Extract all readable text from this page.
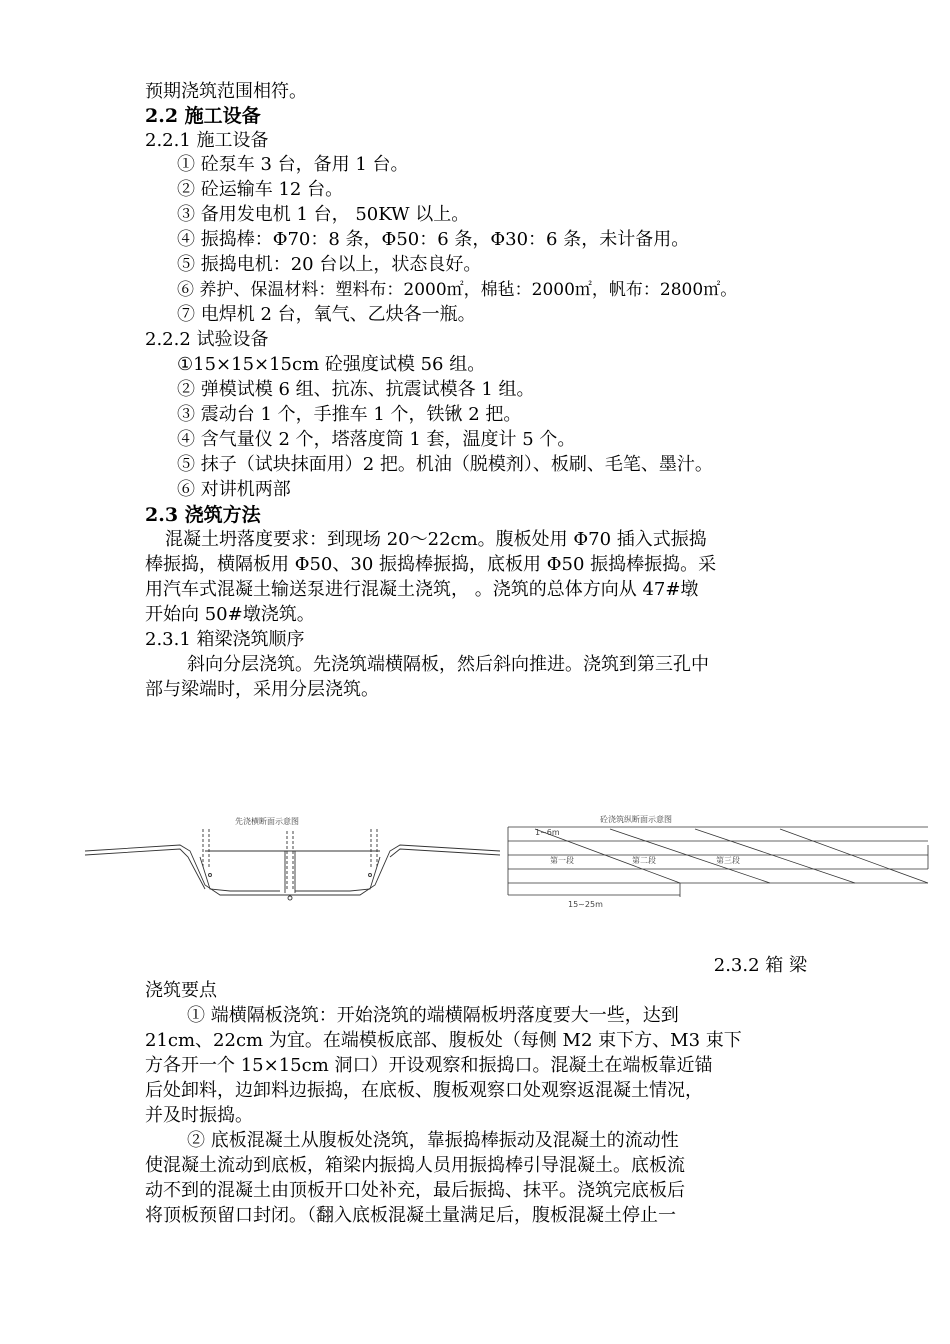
预期浇筑范围相符。
2.2 施工设备
2.2.1 施工设备
① 砼泵车 3 台，备用 1 台。
② 砼运输车 12 台。
③ 备用发电机 1 台， 50KW 以上。
④ 振捣棒：Φ70：8 条，Φ50：6 条，Φ30：6 条，未计备用。
⑤ 振捣电机：20 台以上，状态良好。
⑥ 养护、保温材料：塑料布：2000㎡，棉毡：2000㎡，帆布：2800㎡。
⑦ 电焊机 2 台，氧气、乙炔各一瓶。
2.2.2 试验设备
①15×15×15cm 砼强度试模 56 组。
② 弹模试模 6 组、抗冻、抗震试模各 1 组。
③ 震动台 1 个，手推车 1 个，铁锹 2 把。
④ 含气量仪 2 个，塔落度筒 1 套，温度计 5 个。
⑤ 抹子（试块抹面用）2 把。机油（脱模剂）、板刷、毛笔、墨汁。
⑥ 对讲机两部
2.3 浇筑方法
混凝土坍落度要求：到现场 20～22cm。腹板处用 Φ70 插入式振捣
棒振捣，横隔板用 Φ50、30 振捣棒振捣，底板用 Φ50 振捣棒振捣。采
用汽车式混凝土输送泵进行混凝土浇筑， 。浇筑的总体方向从 47#墩
开始向 50#墩浇筑。
2.3.1 箱梁浇筑顺序
斜向分层浇筑。先浇筑端横隔板，然后斜向推进。浇筑到第三孔中
部与梁端时，采用分层浇筑。
先浇横断面示意图	砼浇筑纵断面示意图
1~6m
第一段	第二段	第三段
15~25m
2.3.2 箱 梁
浇筑要点
① 端横隔板浇筑：开始浇筑的端横隔板坍落度要大一些，达到
21cm、22cm 为宜。在端模板底部、腹板处（每侧 M2 束下方、M3 束下
方各开一个 15×15cm 洞口）开设观察和振捣口。混凝土在端板靠近锚
后处卸料，边卸料边振捣，在底板、腹板观察口处观察返混凝土情况，
并及时振捣。
② 底板混凝土从腹板处浇筑，靠振捣棒振动及混凝土的流动性
使混凝土流动到底板，箱梁内振捣人员用振捣棒引导混凝土。底板流
动不到的混凝土由顶板开口处补充，最后振捣、抹平。浇筑完底板后
将顶板预留口封闭。（翻入底板混凝土量满足后，腹板混凝土停止一
